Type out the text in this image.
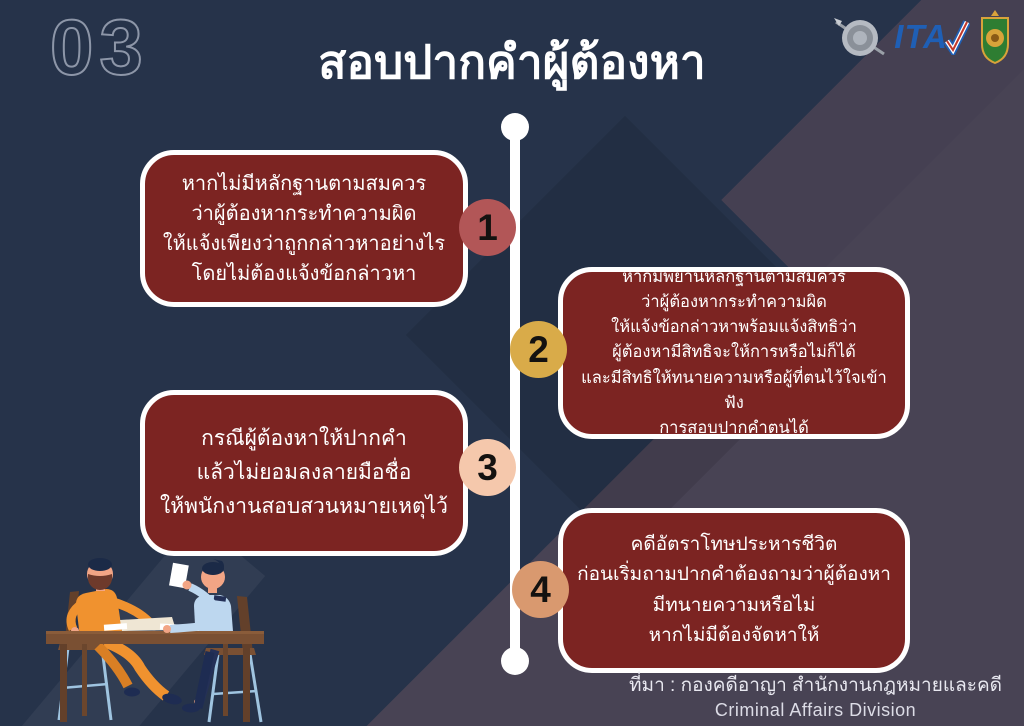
03	สอบปากคำผู้ต้องหา	ITA
1
2
3
4
หากไม่มีหลักฐานตามสมควร
ว่าผู้ต้องหากระทำความผิด
ให้แจ้งเพียงว่าถูกกล่าวหาอย่างไร
โดยไม่ต้องแจ้งข้อกล่าวหา	หากมีพยานหลักฐานตามสมควร
ว่าผู้ต้องหากระทำความผิด
ให้แจ้งข้อกล่าวหาพร้อมแจ้งสิทธิว่า
ผู้ต้องหามีสิทธิจะให้การหรือไม่ก็ได้
และมีสิทธิให้ทนายความหรือผู้ที่ตนไว้ใจเข้าฟัง
การสอบปากคำตนได้
กรณีผู้ต้องหาให้ปากคำ
แล้วไม่ยอมลงลายมือชื่อ
ให้พนักงานสอบสวนหมายเหตุไว้
คดีอัตราโทษประหารชีวิต
ก่อนเริ่มถามปากคำต้องถามว่าผู้ต้องหา
มีทนายความหรือไม่
หากไม่มีต้องจัดหาให้
ที่มา : กองคดีอาญา สำนักงานกฎหมายและคดี
Criminal Affairs Division
